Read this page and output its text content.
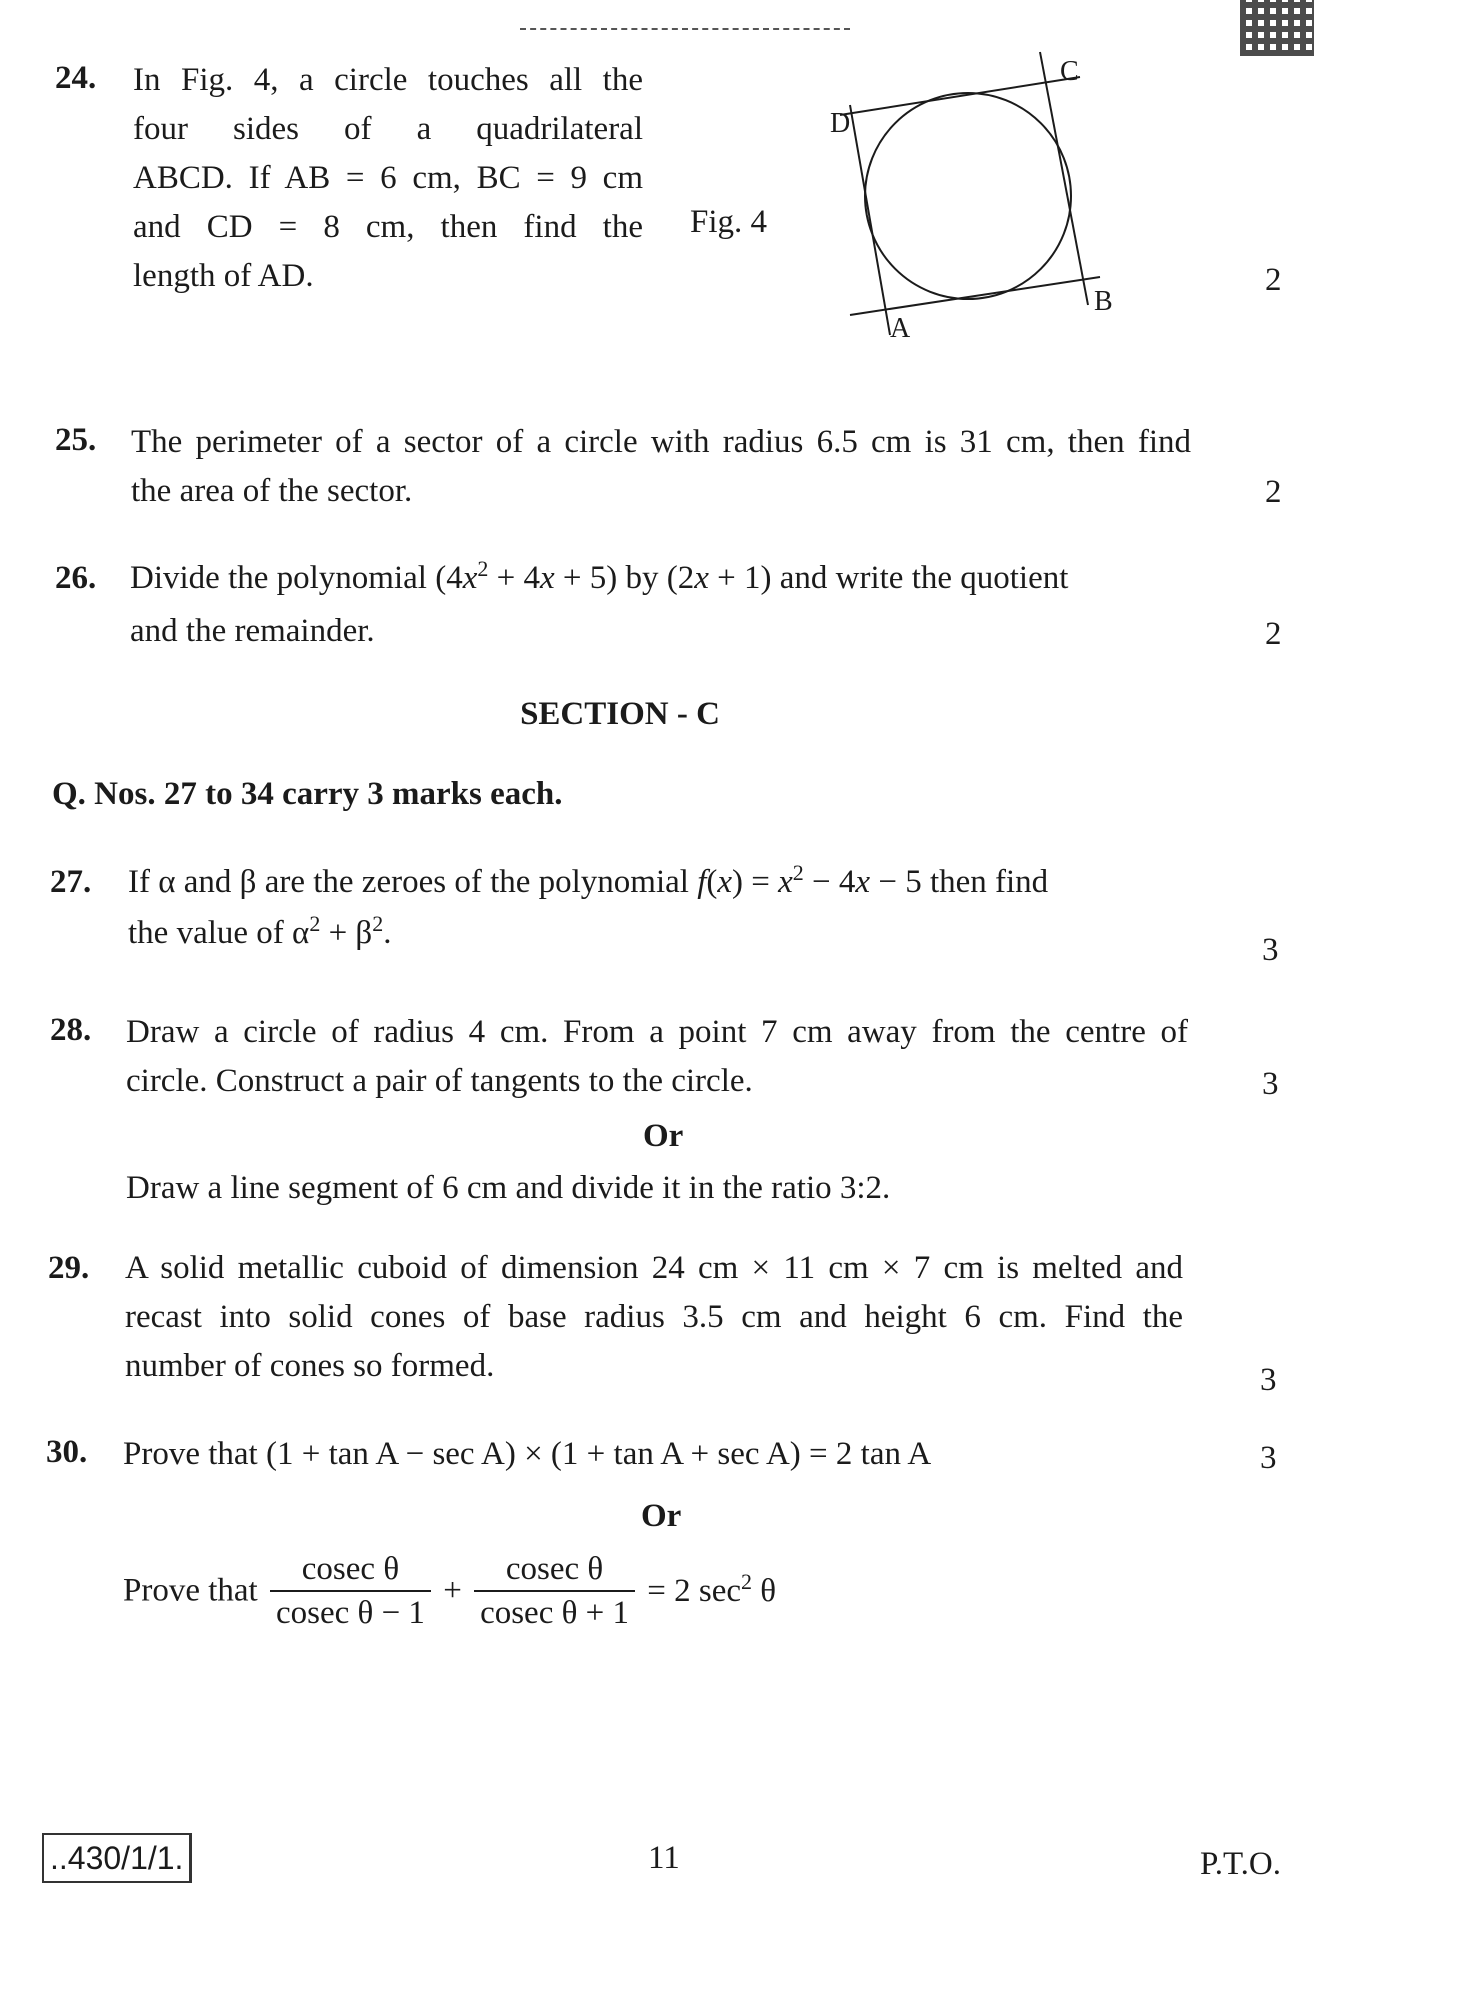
24. In Fig. 4, a circle touches all the
four sides of a quadrilateral
ABCD. If AB = 6 cm, BC = 9 cm
and CD = 8 cm, then find the
length of AD.
Fig. 4
C
D
B
A
2
25. The perimeter of a sector of a circle with radius 6.5 cm is 31 cm, then find
the area of the sector.	2
26. Divide the polynomial $(4x^2 + 4x + 5)$ by (2x + 1) and write the quotient
and the remainder.	2
SECTION - C
Q. Nos. 27 to 34 carry 3 marks each.
27. If α and β are the zeroes of the polynomial $f(x) = x^2 - 4x - 5$ then find
the value of $\alpha^2 + \beta^2$.	3
28. Draw a circle of radius 4 cm. From a point 7 cm away from the centre of
circle. Construct a pair of tangents to the circle.	3
Or
Draw a line segment of 6 cm and divide it in the ratio 3:2.
29. A solid metallic cuboid of dimension 24 cm × 11 cm × 7 cm is melted and
recast into solid cones of base radius 3.5 cm and height 6 cm. Find the
number of cones so formed.	3
30. Prove that (1 + tan A − sec A) × (1 + tan A + sec A) = 2 tan A	3
Or
Prove that $\frac{\text{cosec θ}}{\text{cosec θ − 1}} + \frac{\text{cosec θ}}{\text{cosec θ + 1}} = 2$ $\sec^2 \theta$
..430/1/1.	11	P.T.O.
